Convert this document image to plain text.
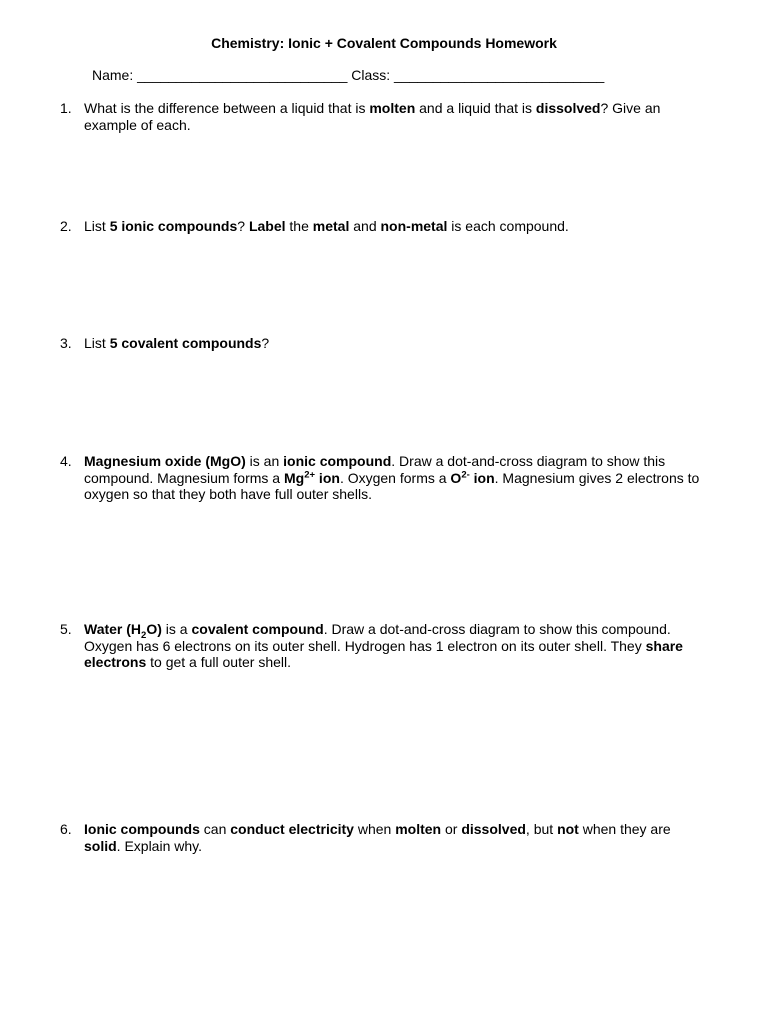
Chemistry: Ionic + Covalent Compounds Homework
Name: ___________________________ Class: ___________________________
1. What is the difference between a liquid that is molten and a liquid that is dissolved? Give an example of each.
2. List 5 ionic compounds? Label the metal and non-metal is each compound.
3. List 5 covalent compounds?
4. Magnesium oxide (MgO) is an ionic compound. Draw a dot-and-cross diagram to show this compound. Magnesium forms a $Mg^{2+}$ ion. Oxygen forms a $O^{2-}$ ion. Magnesium gives 2 electrons to oxygen so that they both have full outer shells.
5. Water $(H_2O)$ is a covalent compound. Draw a dot-and-cross diagram to show this compound. Oxygen has 6 electrons on its outer shell. Hydrogen has 1 electron on its outer shell. They share electrons to get a full outer shell.
6. Ionic compounds can conduct electricity when molten or dissolved, but not when they are solid. Explain why.
